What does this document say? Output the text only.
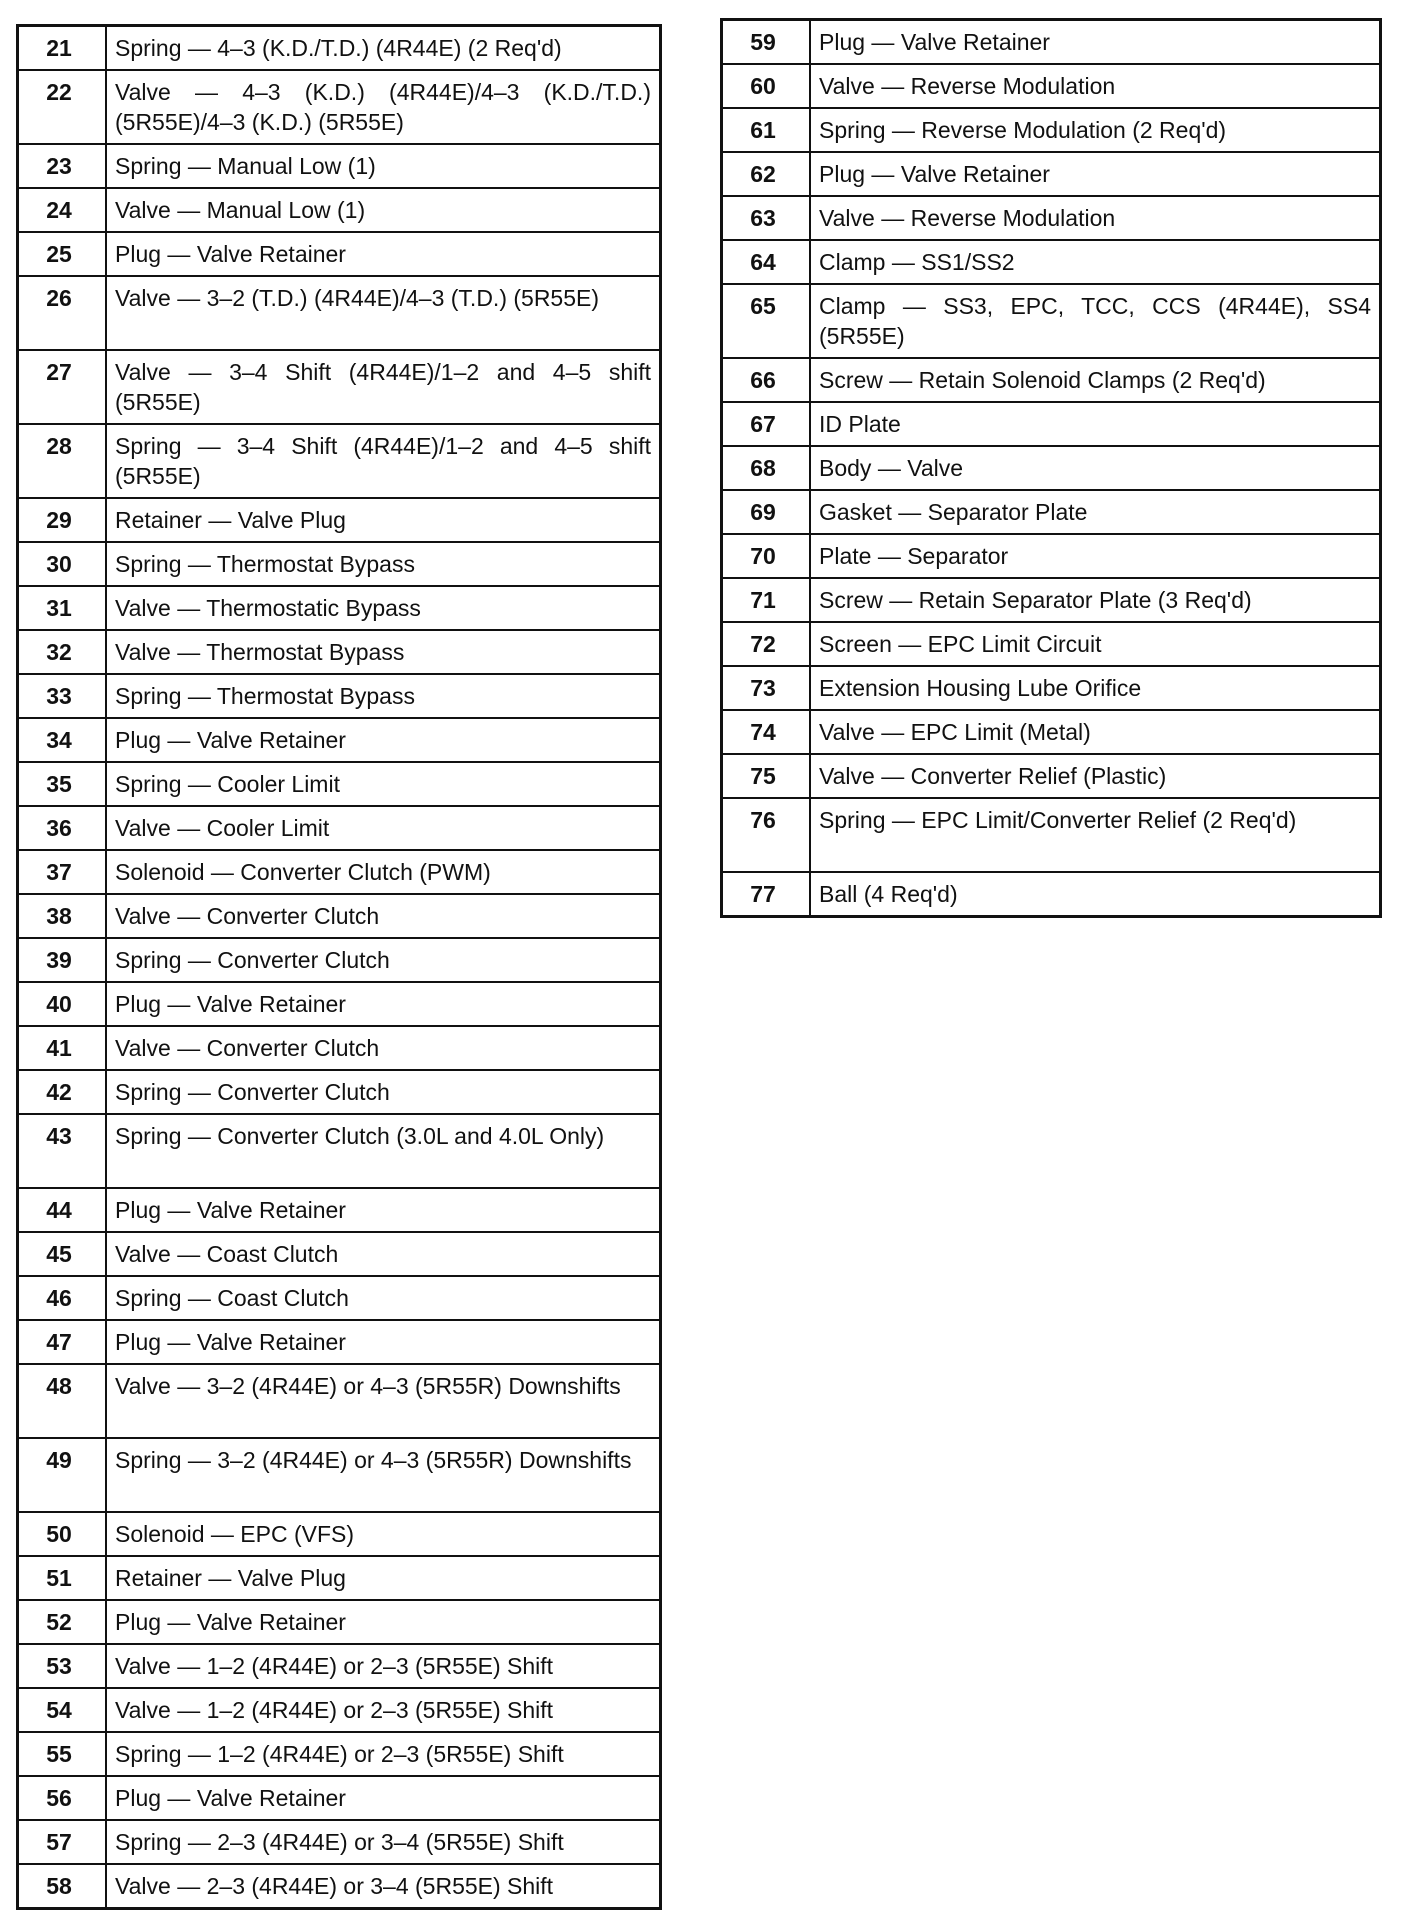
21	Spring — 4–3 (K.D./T.D.) (4R44E) (2 Req'd)
22	Valve — 4–3 (K.D.) (4R44E)/4–3 (K.D./T.D.) (5R55E)/4–3 (K.D.) (5R55E)
23	Spring — Manual Low (1)
24	Valve — Manual Low (1)
25	Plug — Valve Retainer
26	Valve — 3–2 (T.D.) (4R44E)/4–3 (T.D.) (5R55E)
27	Valve — 3–4 Shift (4R44E)/1–2 and 4–5 shift (5R55E)
28	Spring — 3–4 Shift (4R44E)/1–2 and 4–5 shift (5R55E)
29	Retainer — Valve Plug
30	Spring — Thermostat Bypass
31	Valve — Thermostatic Bypass
32	Valve — Thermostat Bypass
33	Spring — Thermostat Bypass
34	Plug — Valve Retainer
35	Spring — Cooler Limit
36	Valve — Cooler Limit
37	Solenoid — Converter Clutch (PWM)
38	Valve — Converter Clutch
39	Spring — Converter Clutch
40	Plug — Valve Retainer
41	Valve — Converter Clutch
42	Spring — Converter Clutch
43	Spring — Converter Clutch (3.0L and 4.0L Only)
44	Plug — Valve Retainer
45	Valve — Coast Clutch
46	Spring — Coast Clutch
47	Plug — Valve Retainer
48	Valve — 3–2 (4R44E) or 4–3 (5R55R) Downshifts
49	Spring — 3–2 (4R44E) or 4–3 (5R55R) Downshifts
50	Solenoid — EPC (VFS)
51	Retainer — Valve Plug
52	Plug — Valve Retainer
53	Valve — 1–2 (4R44E) or 2–3 (5R55E) Shift
54	Valve — 1–2 (4R44E) or 2–3 (5R55E) Shift
55	Spring — 1–2 (4R44E) or 2–3 (5R55E) Shift
56	Plug — Valve Retainer
57	Spring — 2–3 (4R44E) or 3–4 (5R55E) Shift
58	Valve — 2–3 (4R44E) or 3–4 (5R55E) Shift
59	Plug — Valve Retainer
60	Valve — Reverse Modulation
61	Spring — Reverse Modulation (2 Req'd)
62	Plug — Valve Retainer
63	Valve — Reverse Modulation
64	Clamp — SS1/SS2
65	Clamp — SS3, EPC, TCC, CCS (4R44E), SS4 (5R55E)
66	Screw — Retain Solenoid Clamps (2 Req'd)
67	ID Plate
68	Body — Valve
69	Gasket — Separator Plate
70	Plate — Separator
71	Screw — Retain Separator Plate (3 Req'd)
72	Screen — EPC Limit Circuit
73	Extension Housing Lube Orifice
74	Valve — EPC Limit (Metal)
75	Valve — Converter Relief (Plastic)
76	Spring — EPC Limit/Converter Relief (2 Req'd)
77	Ball (4 Req'd)
